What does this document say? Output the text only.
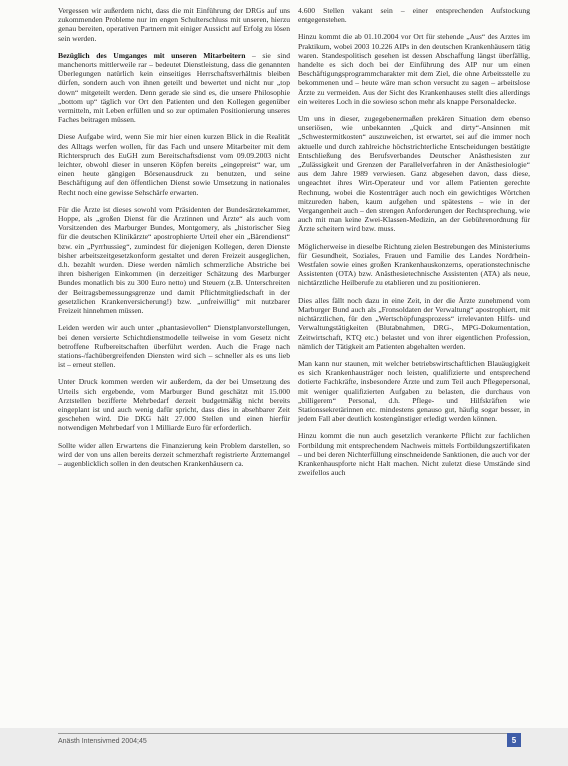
Vergessen wir außerdem nicht, dass die mit Einführung der DRGs auf uns zukommenden Probleme nur im engen Schulterschluss mit unseren, hierzu genau bereiten, operativen Partnern mit einiger Aussicht auf Erfolg zu lösen sein werden.

Bezüglich des Umganges mit unseren Mitarbeitern – sie sind manchenorts mittlerweile rar – bedeutet Dienstleistung, dass die genannten Überlegungen natürlich kein einseitiges Herrschaftsverhältnis bleiben dürfen, sondern auch von ihnen geteilt und bewertet und nicht nur „top down“ mitgeteilt werden. Denn gerade sie sind es, die unsere Philosophie „bottom up“ täglich vor Ort den Patienten und den Kollegen gegenüber vermitteln, mit Leben erfüllen und so zur optimalen Positionierung unseres Faches beitragen müssen.

Diese Aufgabe wird, wenn Sie mir hier einen kurzen Blick in die Realität des Alltags werfen wollen, für das Fach und unsere Mitarbeiter mit dem Richterspruch des EuGH zum Bereitschaftsdienst vom 09.09.2003 nicht leichter, obwohl dieser in unseren Köpfen bereits „eingepreist“ war, um einen heute gängigen Börsenausdruck zu benutzen, und seine Beschäftigung auf den öffentlichen Dienst sowie Umsetzung in nationales Recht noch eine gewisse Sehschärfe erwarten.

Für die Ärzte ist dieses sowohl vom Präsidenten der Bundesärztekammer, Hoppe, als „großen Dienst für die Ärztinnen und Ärzte“ als auch vom Vorsitzenden des Marburger Bundes, Montgomery, als „historischer Sieg für die deutschen Klinikärzte“ apostrophierte Urteil eher ein „Bärendienst“ bzw. ein „Pyrrhussieg“, zumindest für diejenigen Kollegen, deren Dienste bisher arbeitszeitgesetzkonform gestaltet und deren Freizeit ausgeglichen, d.h. bezahlt wurden. Diese werden nämlich schmerzliche Abstriche bei ihren bisherigen Einkommen (in derzeitiger Schätzung des Marburger Bundes monatlich bis zu 300 Euro netto) und Steuern (z.B. Unterschreiten der Beitragsbemessungsgrenze und damit Pflichtmitgliedschaft in der gesetzlichen Krankenversicherung!) bzw. „unfreiwillig“ mit nutzbarer Freizeit hinnehmen müssen.

Leiden werden wir auch unter „phantasievollen“ Dienstplanvorstellungen, bei denen versierte Schichtdienstmodelle teilweise in vom Gesetz nicht betroffene Rufbereitschaften überführt werden. Auch die Frage nach stations-/fachübergreifenden Diensten wird sich – schneller als es uns lieb ist – erneut stellen.

Unter Druck kommen werden wir außerdem, da der bei Umsetzung des Urteils sich ergebende, vom Marburger Bund geschätzt mit 15.000 Arztstellen bezifferte Mehrbedarf derzeit budgetmäßig nicht bereits eingeplant ist und auch wenig dafür spricht, dass dies in absehbarer Zeit geschehen wird. Die DKG hält 27.000 Stellen und einen hierfür notwendigen Mehrbedarf von 1 Milliarde Euro für erforderlich.

Sollte wider allen Erwartens die Finanzierung kein Problem darstellen, so wird der von uns allen bereits derzeit schmerzhaft registrierte Ärztemangel – augenblicklich sollen in den deutschen Krankenhäusern ca.

4.600 Stellen vakant sein – einer entsprechenden Aufstockung entgegenstehen.

Hinzu kommt die ab 01.10.2004 vor Ort für stehende „Aus“ des Arztes im Praktikum, wobei 2003 10.226 AIPs in den deutschen Krankenhäusern tätig waren. Standespolitisch gesehen ist dessen Abschaffung längst überfällig, handelte es sich doch bei der Einführung des AIP nur um einen Beschäftigungsprogrammcharakter mit dem Ziel, die ohne Arbeitsstelle zu bekommenen und – heute wäre man schon versucht zu sagen – arbeitslose Ärzte zu vermeiden. Aus der Sicht des Krankenhauses stellt dies allerdings ein weiteres Loch in die sowieso schon mehr als knappe Personaldecke.

Um uns in dieser, zugegebenermaßen prekären Situation dem ebenso unseriösen, wie unbekannten „Quick and dirty“-Ansinnen mit „Schwestermitkosten“ auszuweichen, ist erwartet, sei auf die immer noch aktuelle und durch zahlreiche höchstrichterliche Entscheidungen bestätigte Entschließung des Berufsverbandes Deutscher Anästhesisten zur „Zulässigkeit und Grenzen der Parallelverfahren in der Anästhesiologie“ aus dem Jahre 1989 verwiesen. Ganz abgesehen davon, dass diese, ungeachtet ihres Wirt-Operateur und vor allem Patienten gerechte Rechnung, wobei die Kostenträger auch noch ein gewichtiges Wörtchen mitzureden haben, kaum aufgehen und spätestens – wie in der Vergangenheit auch – den strengen Anforderungen der Rechtsprechung, wie auch mit man keine Zwei-Klassen-Medizin, an der Gebührenordnung für Ärzte scheitern wird bzw. muss.

Möglicherweise in dieselbe Richtung zielen Bestrebungen des Ministeriums für Gesundheit, Soziales, Frauen und Familie des Landes Nordrhein-Westfalen sowie eines großen Krankenhauskonzerns, operationstechnische Assistenten (OTA) bzw. Anästhesietechnische Assistenten (ATA) als neue, nichtärztliche Heilberufe zu etablieren und zu positionieren.

Dies alles fällt noch dazu in eine Zeit, in der die Ärzte zunehmend vom Marburger Bund auch als „Fronsoldaten der Verwaltung“ apostrophiert, mit nichtärztlichen, für den „Wertschöpfungsprozess“ irrelevanten Hilfs- und Verwaltungstätigkeiten (Blutabnahmen, DRG-, MPG-Dokumentation, Zeitwirtschaft, KTQ etc.) belastet und von ihrer eigentlichen Profession, nämlich der Tätigkeit am Patienten abgehalten werden.

Man kann nur staunen, mit welcher betriebswirtschaftlichen Blauäugigkeit es sich Krankenhausträger noch leisten, qualifizierte und entsprechend dotierte Fachkräfte, insbesondere Ärzte und zum Teil auch Pflegepersonal, mit weniger qualifizierten Aufgaben zu belasten, die durchaus von „billigerem“ Personal, d.h. Pflege- und Hilfskräften wie Stationssekretärinnen etc. mindestens genauso gut, häufig sogar besser, in jedem Fall aber deutlich kostengünstiger erledigt werden können.

Hinzu kommt die nun auch gesetzlich verankerte Pflicht zur fachlichen Fortbildung mit entsprechendem Nachweis mittels Fortbildungszertifikaten – und bei deren Nichterfüllung einschneidende Sanktionen, die auch vor der Krankenhauspforte nicht Halt machen. Nicht zuletzt diese Umstände sind zweifellos auch

Anästh Intensivmed 2004;45	5
